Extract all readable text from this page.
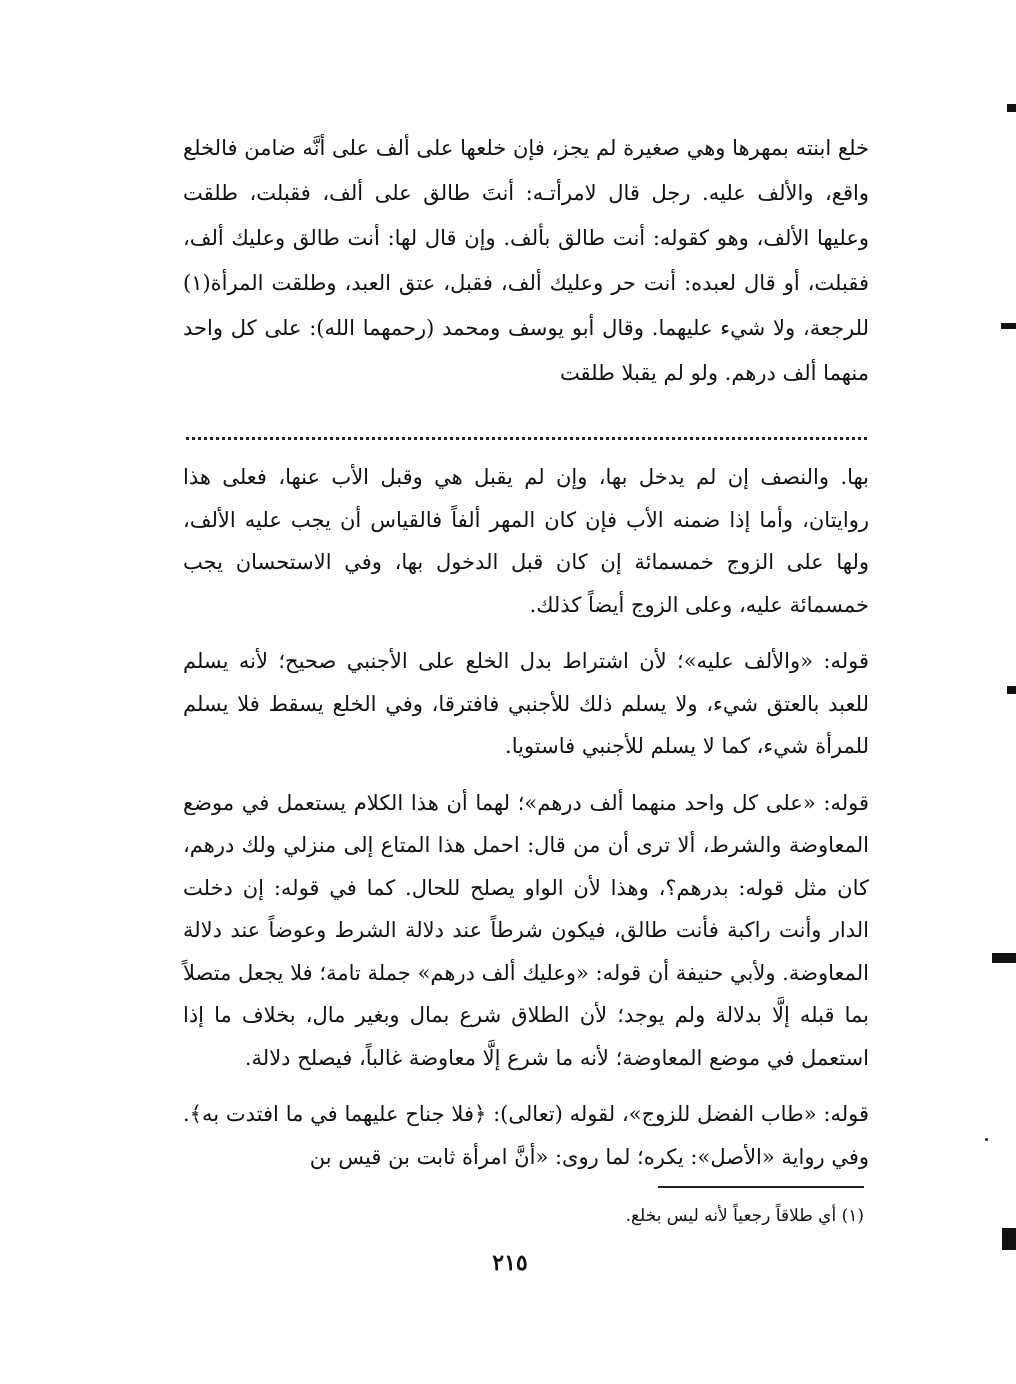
خلع ابنته بمهرها وهي صغيرة لم يجز، فإن خلعها على ألف على أنَّه ضامن فالخلع واقع، والألف عليه. رجل قال لامرأتـه: أنتَ طالق على ألف، فقبلت، طلقت وعليها الألف، وهو كقوله: أنت طالق بألف. وإن قال لها: أنت طالق وعليك ألف، فقبلت، أو قال لعبده: أنت حر وعليك ألف، فقبل، عتق العبد، وطلقت المرأة(١) للرجعة، ولا شيء عليهما. وقال أبو يوسف ومحمد (رحمهما الله): على كل واحد منهما ألف درهم. ولو لم يقبلا طلقت

بها. والنصف إن لم يدخل بها، وإن لم يقبل هي وقبل الأب عنها، فعلى هذا روايتان، وأما إذا ضمنه الأب فإن كان المهر ألفاً فالقياس أن يجب عليه الألف، ولها على الزوج خمسمائة إن كان قبل الدخول بها، وفي الاستحسان يجب خمسمائة عليه، وعلى الزوج أيضاً كذلك.

قوله: «والألف عليه»؛ لأن اشتراط بدل الخلع على الأجنبي صحيح؛ لأنه يسلم للعبد بالعتق شيء، ولا يسلم ذلك للأجنبي فافترقا، وفي الخلع يسقط فلا يسلم للمرأة شيء، كما لا يسلم للأجنبي فاستويا.

قوله: «على كل واحد منهما ألف درهم»؛ لهما أن هذا الكلام يستعمل في موضع المعاوضة والشرط، ألا ترى أن من قال: احمل هذا المتاع إلى منزلي ولك درهم، كان مثل قوله: بدرهم؟، وهذا لأن الواو يصلح للحال. كما في قوله: إن دخلت الدار وأنت راكبة فأنت طالق، فيكون شرطاً عند دلالة الشرط وعوضاً عند دلالة المعاوضة. ولأبي حنيفة أن قوله: «وعليك ألف درهم» جملة تامة؛ فلا يجعل متصلاً بما قبله إلَّا بدلالة ولم يوجد؛ لأن الطلاق شرع بمال وبغير مال، بخلاف ما إذا استعمل في موضع المعاوضة؛ لأنه ما شرع إلَّا معاوضة غالباً، فيصلح دلالة.

قوله: «طاب الفضل للزوج»، لقوله (تعالى): ﴿فلا جناح عليهما في ما افتدت به﴾. وفي رواية «الأصل»: يكره؛ لما روى: «أنَّ امرأة ثابت بن قيس بن

(١) أي طلاقاً رجعياً لأنه ليس بخلع.

٢١٥
